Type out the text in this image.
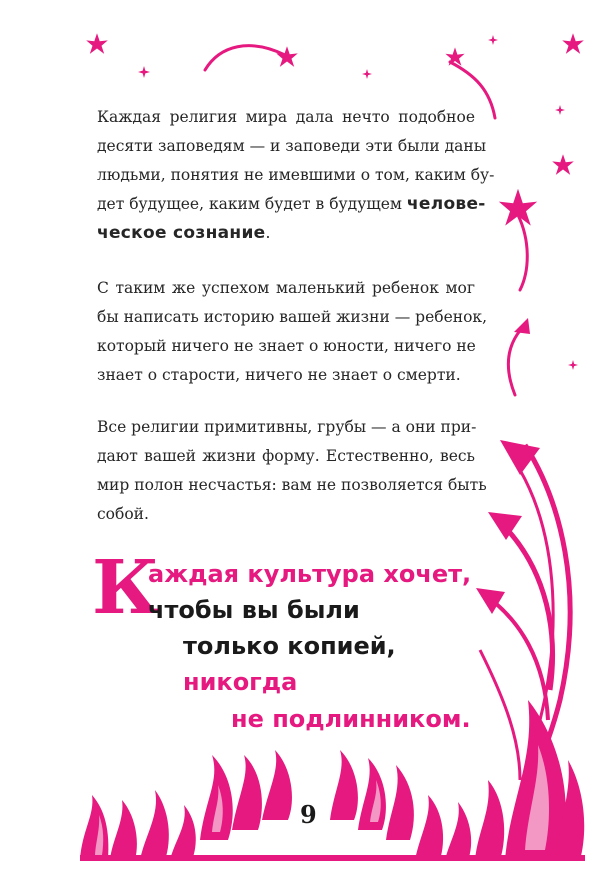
Каждая религия мира дала нечто подобное
десяти заповедям — и заповеди эти были даны
людьми, понятия не имевшими о том, каким бу-
дет будущее, каким будет в будущем челове-
ческое сознание.

С таким же успехом маленький ребенок мог
бы написать историю вашей жизни — ребенок,
который ничего не знает о юности, ничего не
знает о старости, ничего не знает о смерти.

Все религии примитивны, грубы — а они при-
дают вашей жизни форму. Естественно, весь
мир полон несчастья: вам не позволяется быть
собой.

К
аждая культура хочет,
чтобы вы были
только копией,
никогда
не подлинником.
9
